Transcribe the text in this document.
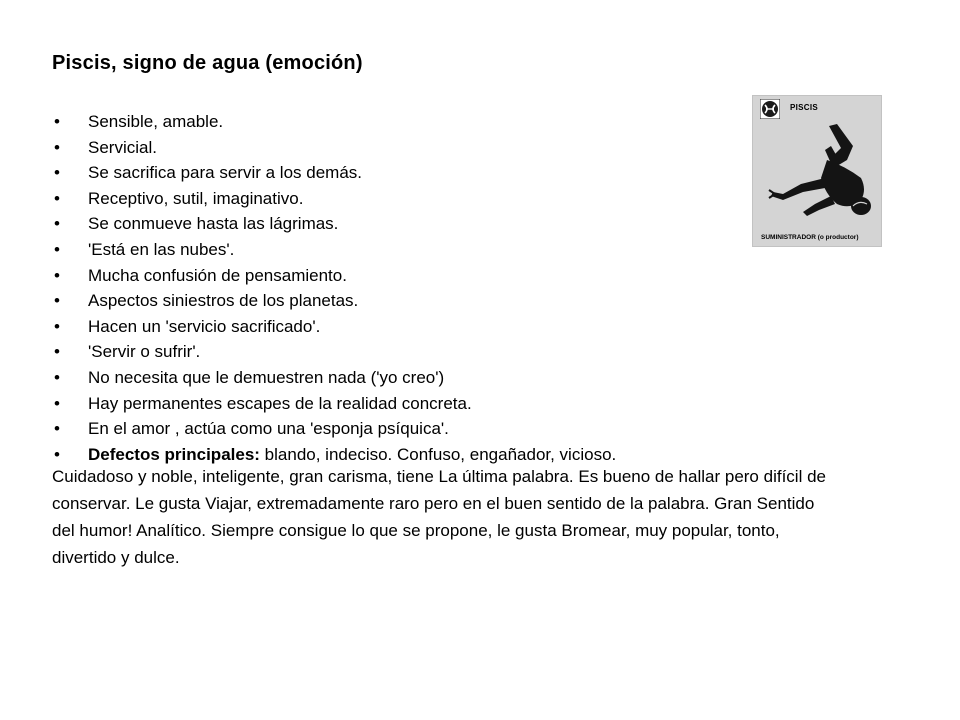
Piscis, signo de agua (emoción)
• Sensible, amable.
• Servicial.
• Se sacrifica para servir a los demás.
• Receptivo, sutil, imaginativo.
• Se conmueve hasta las lágrimas.
• 'Está en las nubes'.
• Mucha confusión de pensamiento.
• Aspectos siniestros de los planetas.
• Hacen un 'servicio sacrificado'.
• 'Servir o sufrir'.
• No necesita que le demuestren nada ('yo creo')
• Hay permanentes escapes de la realidad concreta.
• En el amor , actúa como una 'esponja psíquica'.
• Defectos principales: blando, indeciso. Confuso, engañador, vicioso.

Cuidadoso y noble, inteligente, gran carisma, tiene La última palabra. Es bueno de hallar pero difícil de conservar. Le gusta Viajar, extremadamente raro pero en el buen sentido de la palabra. Gran Sentido del humor! Analítico. Siempre consigue lo que se propone, le gusta Bromear, muy popular, tonto, divertido y dulce.

PISCIS
SUMINISTRADOR (o productor)
